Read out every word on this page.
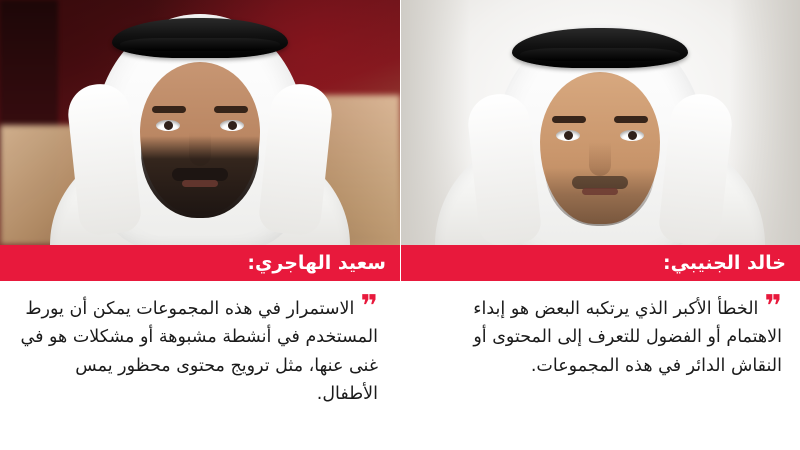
سعيد الهاجري:
❞الاستمرار في هذه المجموعات يمكن أن يورط المستخدم في أنشطة مشبوهة أو مشكلات هو في غنى عنها، مثل ترويج محتوى محظور يمس الأطفال.
خالد الجنيبي:
❞الخطأ الأكبر الذي يرتكبه البعض هو إبداء الاهتمام أو الفضول للتعرف إلى المحتوى أو النقاش الدائر في هذه المجموعات.
